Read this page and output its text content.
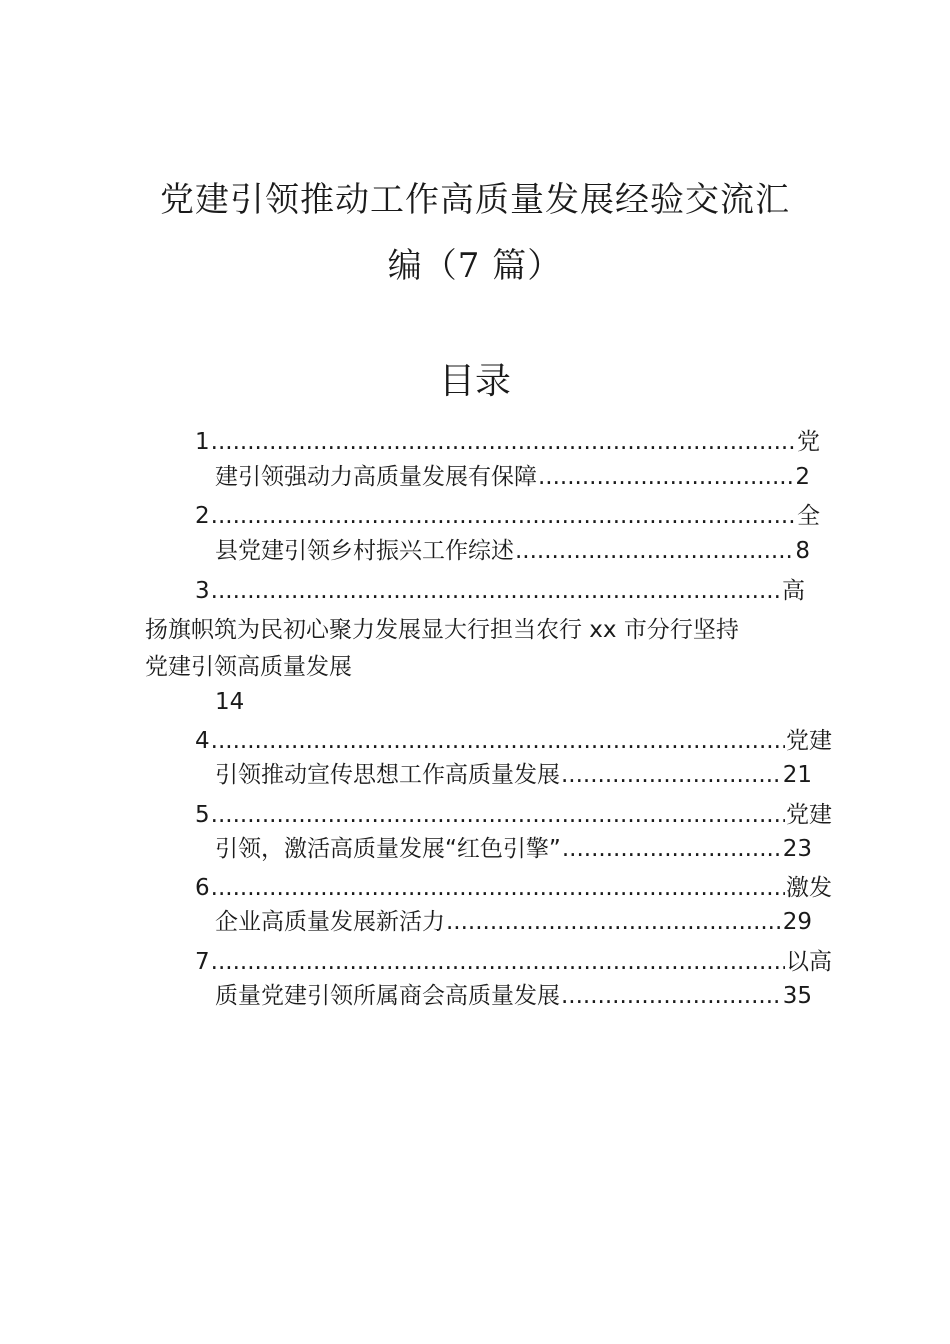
党建引领推动工作高质量发展经验交流汇
编（7 篇）
目录
1 .....	党
建引领强动力高质量发展有保障 .....	2
2 .....	全
县党建引领乡村振兴工作综述 .....	8
3 .....	高
扬旗帜筑为民初心聚力发展显大行担当农行 xx 市分行坚持
党建引领高质量发展
14
4 .....	党建
引领推动宣传思想工作高质量发展 .....	21
5 .....	党建
引领，激活高质量发展“红色引擎” .....	23
6 .....	激发
企业高质量发展新活力 .....	29
7 .....	以高
质量党建引领所属商会高质量发展 .....	35
